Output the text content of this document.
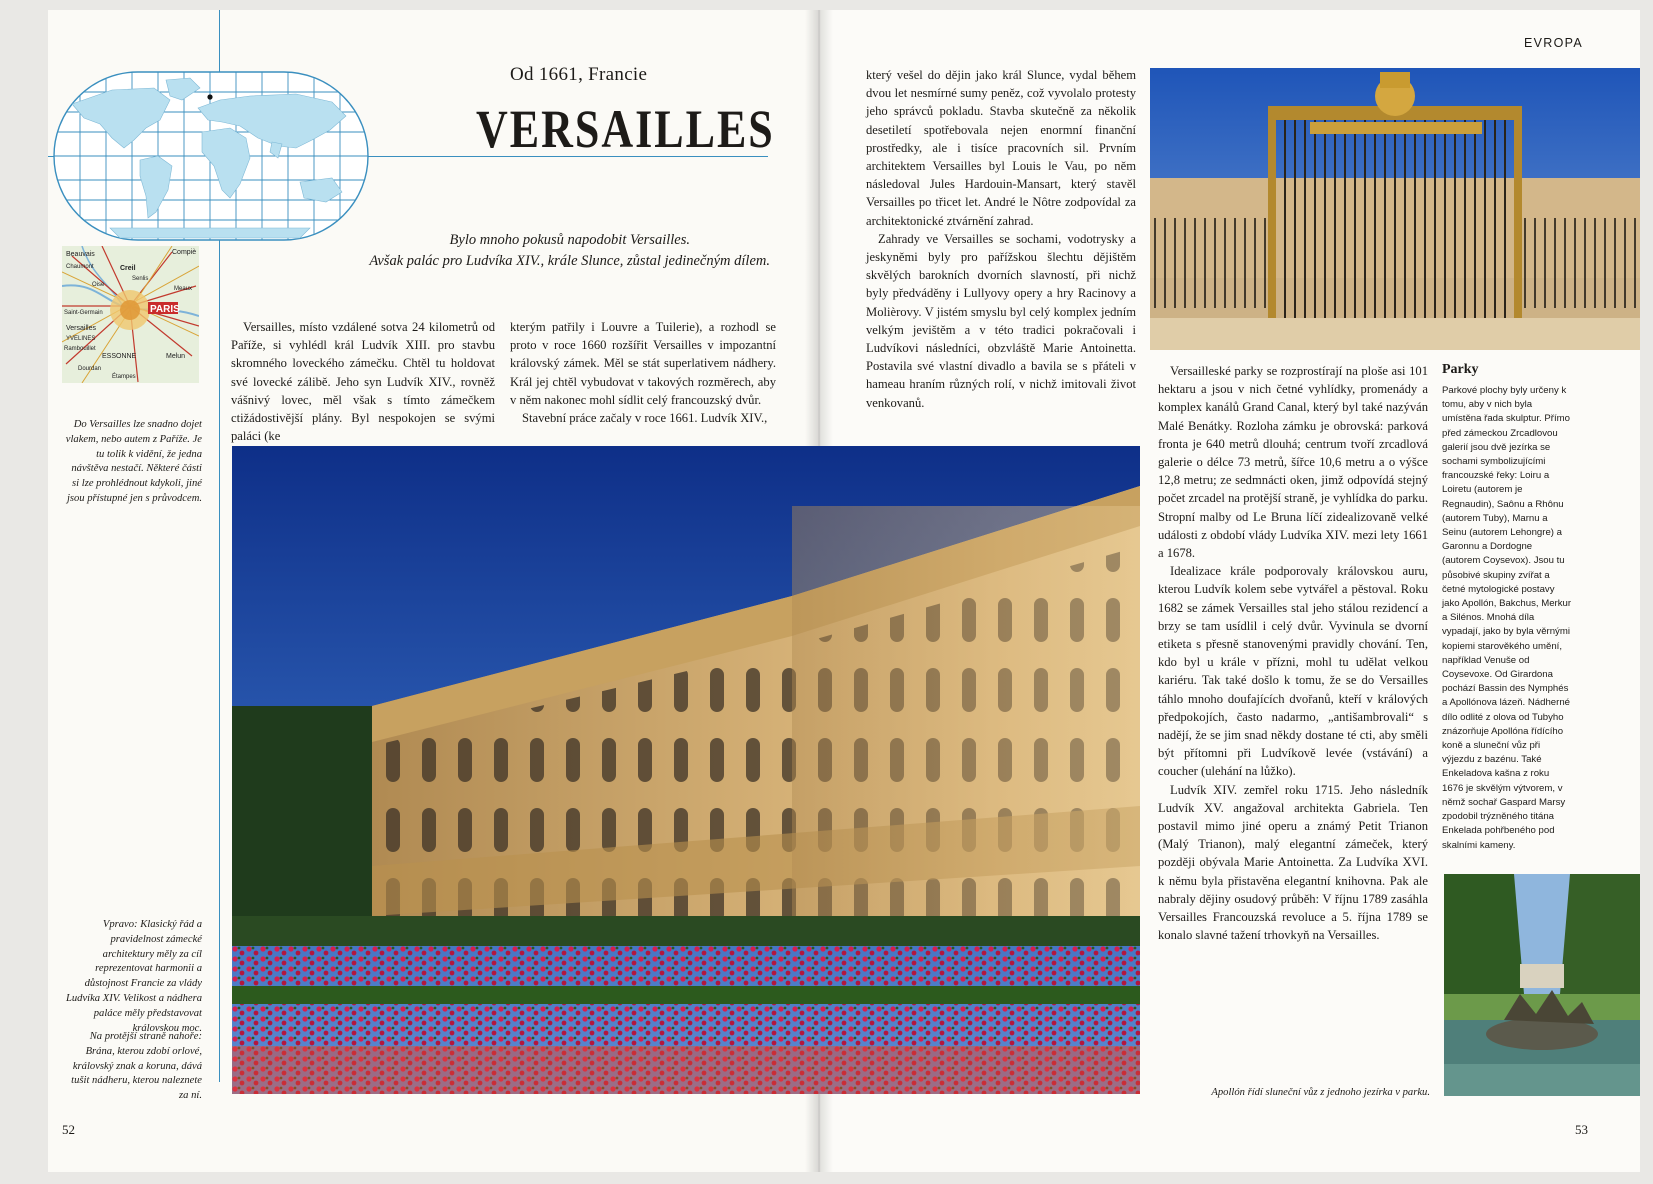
PARIS
Beauvais	Compiè
Chaumont	Creil
Senlis
Oise
Saint-Germain
Versailles
YVELINES
Melun
ESSONNE
Étampes
Dourdan
Rambouillet
Meaux
Do Versailles lze snadno dojet vlakem, nebo autem z Paříže. Je tu tolik k vidění, že jedna návštěva nestačí. Některé části si lze prohlédnout kdykoli, jiné jsou přístupné jen s průvodcem.
Vpravo: Klasický řád a pravidelnost zámecké architektury měly za cíl reprezentovat harmonii a důstojnost Francie za vlády Ludvíka XIV. Velikost a nádhera paláce měly představovat královskou moc.
Na protější straně nahoře: Brána, kterou zdobí orlové, královský znak a koruna, dává tušit nádheru, kterou naleznete za ní.
Od 1661, Francie
VERSAILLES
Bylo mnoho pokusů napodobit Versailles.
Avšak palác pro Ludvíka XIV., krále Slunce, zůstal jedinečným dílem.
Versailles, místo vzdálené sotva 24 kilometrů od Paříže, si vyhlédl král Ludvík XIII. pro stavbu skromného loveckého zámečku. Chtěl tu holdovat své lovecké zálibě. Jeho syn Ludvík XIV., rovněž vášnivý lovec, měl však s tímto zámečkem ctižádostivější plány. Byl nespokojen se svými paláci (ke
kterým patřily i Louvre a Tuilerie), a rozhodl se proto v roce 1660 rozšířit Versailles v impozantní královský zámek. Měl se stát superlativem nádhery. Král jej chtěl vybudovat v takových rozměrech, aby v něm nakonec mohl sídlit celý francouzský dvůr.
Stavební práce začaly v roce 1661. Ludvík XIV.,
EVROPA
který vešel do dějin jako král Slunce, vydal během dvou let nesmírné sumy peněz, což vyvolalo protesty jeho správců pokladu. Stavba skutečně za několik desetiletí spotřebovala nejen enormní finanční prostředky, ale i tisíce pracovních sil. Prvním architektem Versailles byl Louis le Vau, po něm následoval Jules Hardouin-Mansart, který stavěl Versailles po třicet let. André le Nôtre zodpovídal za architektonické ztvárnění zahrad.
Zahrady ve Versailles se sochami, vodotrysky a jeskyněmi byly pro pařížskou šlechtu dějištěm skvělých barokních dvorních slavností, při nichž byly předváděny i Lullyovy opery a hry Racinovy a Molièrovy. V jistém smyslu byl celý komplex jedním velkým jevištěm a v této tradici pokračovali i Ludvíkovi následníci, obzvláště Marie Antoinetta. Postavila své vlastní divadlo a bavila se s přáteli v hameau hraním různých rolí, v nichž imitovali život venkovanů.
Versailleské parky se rozprostírají na ploše asi 101 hektaru a jsou v nich četné vyhlídky, promenády a komplex kanálů Grand Canal, který byl také nazýván Malé Benátky. Rozloha zámku je obrovská: parková fronta je 640 metrů dlouhá; centrum tvoří zrcadlová galerie o délce 73 metrů, šířce 10,6 metru a o výšce 12,8 metru; ze sedmnácti oken, jimž odpovídá stejný počet zrcadel na protější straně, je vyhlídka do parku. Stropní malby od Le Bruna líčí zidealizovaně velké události z období vlády Ludvíka XIV. mezi lety 1661 a 1678.
Idealizace krále podporovaly královskou auru, kterou Ludvík kolem sebe vytvářel a pěstoval. Roku 1682 se zámek Versailles stal jeho stálou rezidencí a brzy se tam usídlil i celý dvůr. Vyvinula se dvorní etiketa s přesně stanovenými pravidly chování. Ten, kdo byl u krále v přízni, mohl tu udělat velkou kariéru. Tak také došlo k tomu, že se do Versailles táhlo mnoho doufajících dvořanů, kteří v králových předpokojích, často nadarmo, „antišambrovali“ s nadějí, že se jim snad někdy dostane té cti, aby směli být přítomni při Ludvíkově levée (vstávání) a coucher (ulehání na lůžko).
Ludvík XIV. zemřel roku 1715. Jeho následník Ludvík XV. angažoval architekta Gabriela. Ten postavil mimo jiné operu a známý Petit Trianon (Malý Trianon), malý elegantní zámeček, který později obývala Marie Antoinetta. Za Ludvíka XVI. k němu byla přistavěna elegantní knihovna. Pak ale nabraly dějiny osudový průběh: V říjnu 1789 zasáhla Versailles Francouzská revoluce a 5. října 1789 se konalo slavné tažení trhovkyň na Versailles.
Parky
Parkové plochy byly určeny k tomu, aby v nich byla umístěna řada skulptur. Přímo před zámeckou Zrcadlovou galerií jsou dvě jezírka se sochami symbolizujícími francouzské řeky: Loiru a Loiretu (autorem je Regnaudin), Saônu a Rhônu (autorem Tuby), Marnu a Seinu (autorem Lehongre) a Garonnu a Dordogne (autorem Coysevox). Jsou tu působivé skupiny zvířat a četné mytologické postavy jako Apollón, Bakchus, Merkur a Silénos. Mnohá díla vypadají, jako by byla věrnými kopiemi starověkého umění, například Venuše od Coysevoxe. Od Girardona pochází Bassin des Nymphés a Apollónova lázeň. Nádherné dílo odlité z olova od Tubyho znázorňuje Apollóna řídícího koně a sluneční vůz při výjezdu z bazénu. Také Enkeladova kašna z roku 1676 je skvělým výtvorem, v němž sochař Gaspard Marsy zpodobil trýzněného titána Enkelada pohřbeného pod skalními kameny.
Apollón řídí sluneční vůz z jednoho jezírka v parku.
52	53
